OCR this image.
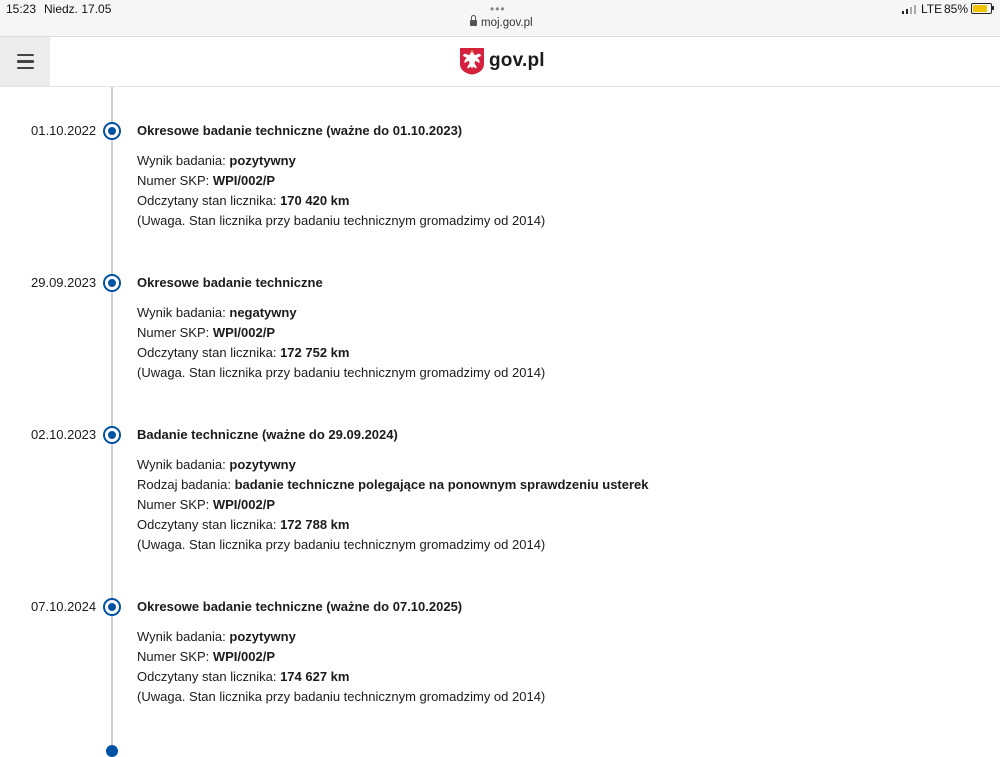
15:23 Niedz. 17.05	•••
moj.gov.pl
LTE 85%
gov.pl
01.10.2022	Okresowe badanie techniczne (ważne do 01.10.2023)
Wynik badania: pozytywny
Numer SKP: WPI/002/P
Odczytany stan licznika: 170 420 km
(Uwaga. Stan licznika przy badaniu technicznym gromadzimy od 2014)
29.09.2023	Okresowe badanie techniczne
Wynik badania: negatywny
Numer SKP: WPI/002/P
Odczytany stan licznika: 172 752 km
(Uwaga. Stan licznika przy badaniu technicznym gromadzimy od 2014)
02.10.2023	Badanie techniczne (ważne do 29.09.2024)
Wynik badania: pozytywny
Rodzaj badania: badanie techniczne polegające na ponownym sprawdzeniu usterek
Numer SKP: WPI/002/P
Odczytany stan licznika: 172 788 km
(Uwaga. Stan licznika przy badaniu technicznym gromadzimy od 2014)
07.10.2024	Okresowe badanie techniczne (ważne do 07.10.2025)
Wynik badania: pozytywny
Numer SKP: WPI/002/P
Odczytany stan licznika: 174 627 km
(Uwaga. Stan licznika przy badaniu technicznym gromadzimy od 2014)
